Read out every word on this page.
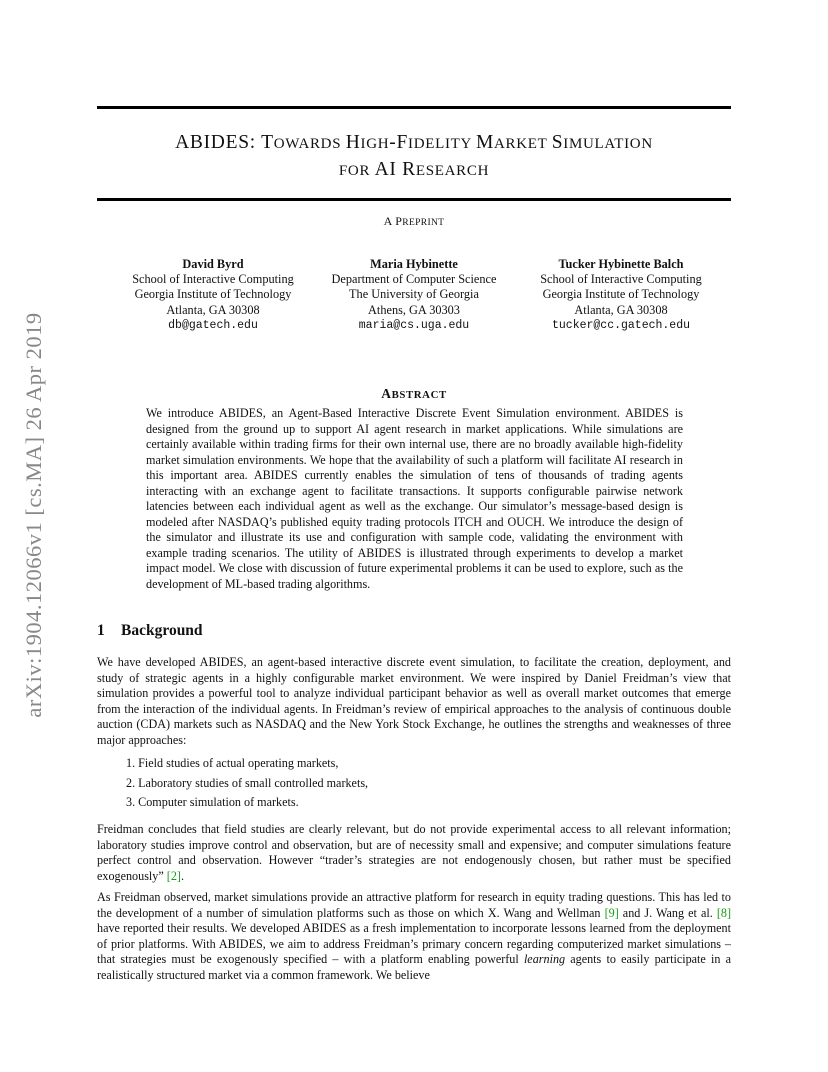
ABIDES: TOWARDS HIGH-FIDELITY MARKET SIMULATION
FOR AI RESEARCH
A PREPRINT
David Byrd
School of Interactive Computing
Georgia Institute of Technology
Atlanta, GA 30308
db@gatech.edu
Maria Hybinette
Department of Computer Science
The University of Georgia
Athens, GA 30303
maria@cs.uga.edu
Tucker Hybinette Balch
School of Interactive Computing
Georgia Institute of Technology
Atlanta, GA 30308
tucker@cc.gatech.edu
arXiv:1904.12066v1 [cs.MA] 26 Apr 2019	ABSTRACT
We introduce ABIDES, an Agent-Based Interactive Discrete Event Simulation environment. ABIDES is designed from the ground up to support AI agent research in market applications. While simulations are certainly available within trading firms for their own internal use, there are no broadly available high-fidelity market simulation environments. We hope that the availability of such a platform will facilitate AI research in this important area. ABIDES currently enables the simulation of tens of thousands of trading agents interacting with an exchange agent to facilitate transactions. It supports configurable pairwise network latencies between each individual agent as well as the exchange. Our simulator’s message-based design is modeled after NASDAQ’s published equity trading protocols ITCH and OUCH. We introduce the design of the simulator and illustrate its use and configuration with sample code, validating the environment with example trading scenarios. The utility of ABIDES is illustrated through experiments to develop a market impact model. We close with discussion of future experimental problems it can be used to explore, such as the development of ML-based trading algorithms.
1 Background
We have developed ABIDES, an agent-based interactive discrete event simulation, to facilitate the creation, deployment, and study of strategic agents in a highly configurable market environment. We were inspired by Daniel Freidman’s view that simulation provides a powerful tool to analyze individual participant behavior as well as overall market outcomes that emerge from the interaction of the individual agents. In Freidman’s review of empirical approaches to the analysis of continuous double auction (CDA) markets such as NASDAQ and the New York Stock Exchange, he outlines the strengths and weaknesses of three major approaches:
1. Field studies of actual operating markets,
2. Laboratory studies of small controlled markets,
3. Computer simulation of markets.
Freidman concludes that field studies are clearly relevant, but do not provide experimental access to all relevant information; laboratory studies improve control and observation, but are of necessity small and expensive; and computer simulations feature perfect control and observation. However “trader’s strategies are not endogenously chosen, but rather must be specified exogenously” [2].
As Freidman observed, market simulations provide an attractive platform for research in equity trading questions. This has led to the development of a number of simulation platforms such as those on which X. Wang and Wellman [9] and J. Wang et al. [8] have reported their results. We developed ABIDES as a fresh implementation to incorporate lessons learned from the deployment of prior platforms. With ABIDES, we aim to address Freidman’s primary concern regarding computerized market simulations – that strategies must be exogenously specified – with a platform enabling powerful learning agents to easily participate in a realistically structured market via a common framework. We believe
